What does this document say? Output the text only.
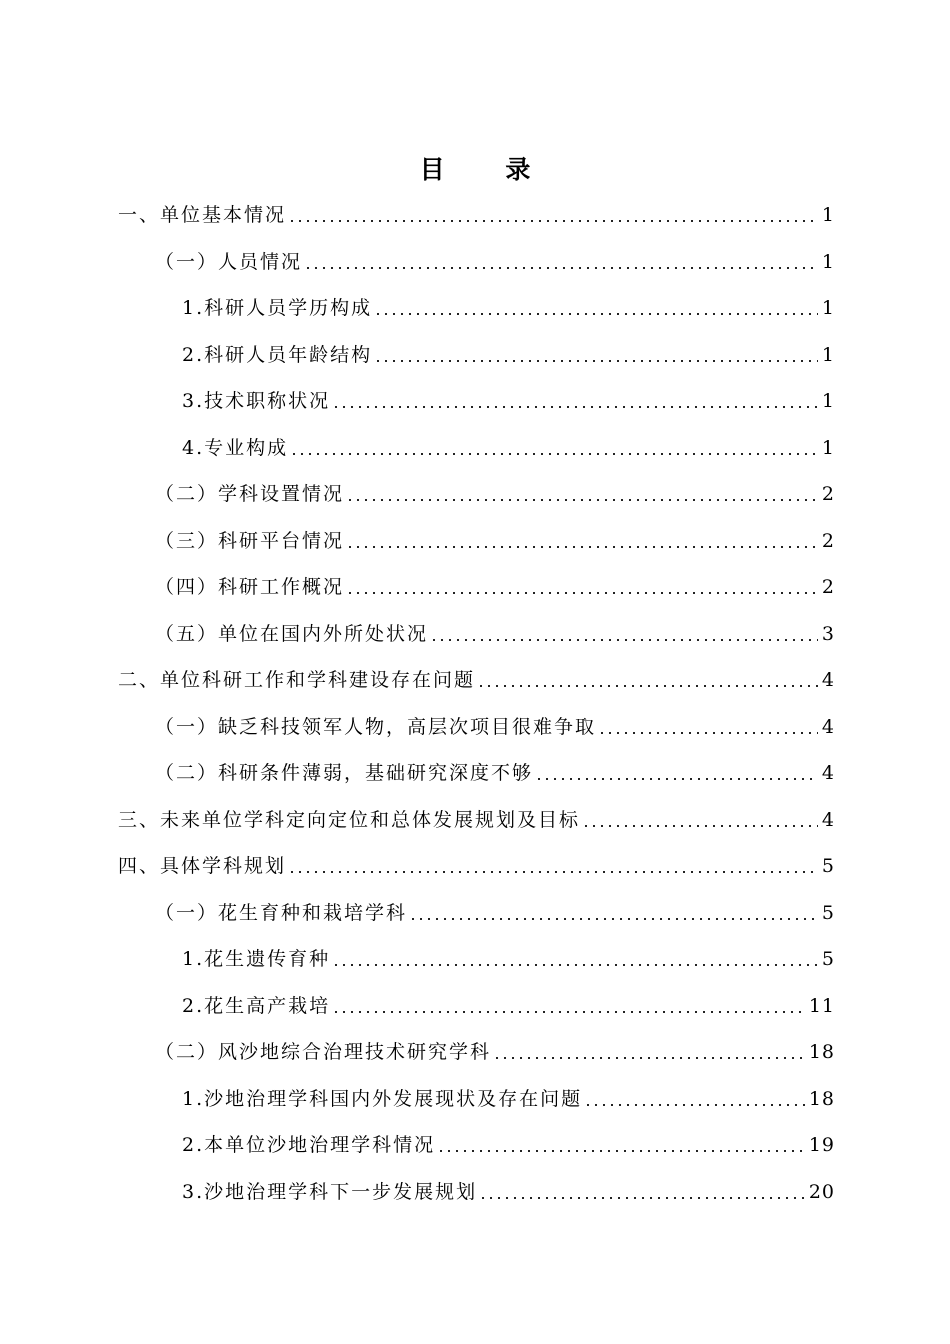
目 录
一、单位基本情况	1
（一）人员情况	1
1.科研人员学历构成	1
2.科研人员年龄结构	1
3.技术职称状况	1
4.专业构成	1
（二）学科设置情况	2
（三）科研平台情况	2
（四）科研工作概况	2
（五）单位在国内外所处状况	3
二、单位科研工作和学科建设存在问题	4
（一）缺乏科技领军人物，高层次项目很难争取	4
（二）科研条件薄弱，基础研究深度不够	4
三、未来单位学科定向定位和总体发展规划及目标	4
四、具体学科规划	5
（一）花生育种和栽培学科	5
1.花生遗传育种	5
2.花生高产栽培	11
（二）风沙地综合治理技术研究学科	18
1.沙地治理学科国内外发展现状及存在问题	18
2.本单位沙地治理学科情况	19
3.沙地治理学科下一步发展规划	20
